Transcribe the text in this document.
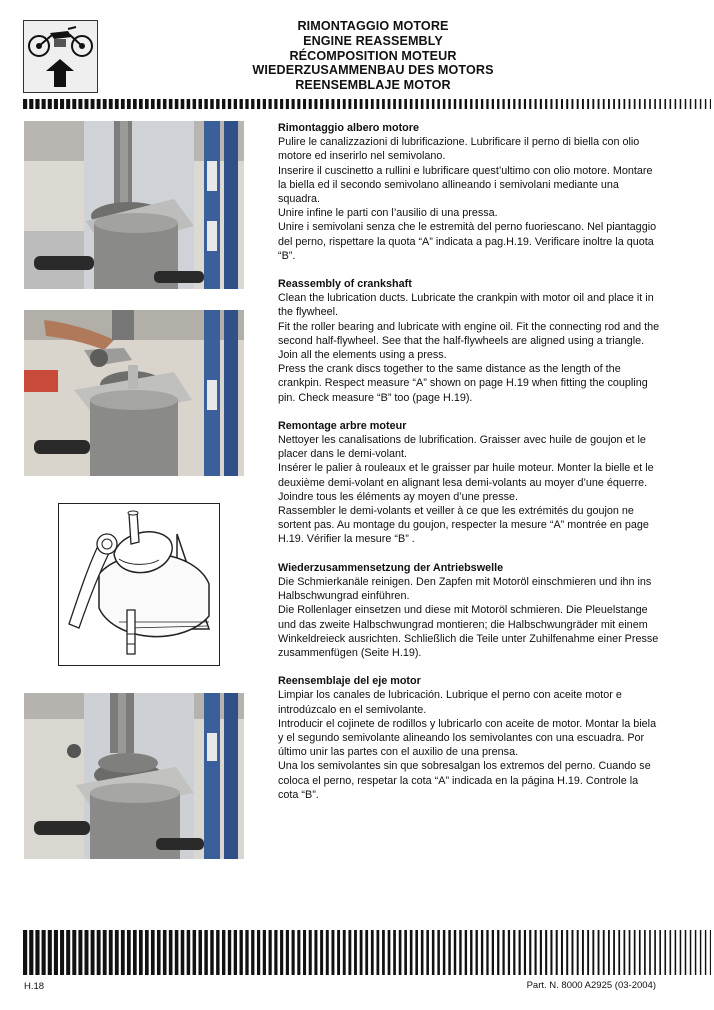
RIMONTAGGIO MOTORE
ENGINE REASSEMBLY
RÉCOMPOSITION MOTEUR
WIEDERZUSAMMENBAU DES MOTORS
REENSEMBLAJE MOTOR

Rimontaggio albero motore

Pulire le canalizzazioni di lubrificazione. Lubrificare il perno di biella con olio motore ed inserirlo nel semivolano.

Inserire il cuscinetto a rullini e lubrificare quest’ultimo con olio motore. Montare la biella ed il secondo semivolano allineando i semivolani mediante una squadra.

Unire infine le parti con l’ausilio di una pressa.

Unire i semivolani senza che le estremità del perno fuoriescano. Nel piantaggio del perno, rispettare la quota “A” indicata a pag.H.19. Verificare inoltre la quota “B”.

Reassembly of crankshaft

Clean the lubrication ducts. Lubricate the crankpin with motor oil and place it in the flywheel.

Fit the roller bearing and lubricate with engine oil. Fit the connecting rod and the second half-flywheel. See that the half-flywheels are aligned using a triangle.

Join all the elements using a press.

Press the crank discs together to the same distance as the length of the crankpin. Respect measure “A” shown on page H.19 when fitting the coupling pin. Check measure “B” too (page H.19).

Remontage arbre moteur

Nettoyer les canalisations de lubrification. Graisser avec huile de goujon et le placer dans le demi-volant.

Insérer le palier à rouleaux et le graisser par huile moteur. Monter la bielle et le deuxième demi-volant en alignant lesa demi-volants au moyer d’une équerre. Joindre tous les éléments ay moyen d’une presse.

Rassembler le demi-volants et veiller à ce que les extrémités du goujon ne sortent pas. Au montage du goujon, respecter la mesure “A” montrée en page H.19. Vérifier la mesure “B” .

Wiederzusammensetzung der Antriebswelle

Die Schmierkanäle reinigen. Den Zapfen mit Motoröl einschmieren und ihn ins Halbschwungrad einführen.

Die Rollenlager einsetzen und diese mit Motoröl schmieren. Die Pleuelstange und das zweite Halbschwungrad montieren; die Halbschwungräder mit einem Winkeldreieck ausrichten. Schließlich die Teile unter Zuhilfenahme einer Presse zusammenfügen (Seite H.19).

Reensemblaje del eje motor

Limpiar los canales de lubricación. Lubrique el perno con aceite motor e introdúzcalo en el semivolante.

Introducir el cojinete de rodillos y lubricarlo con aceite de motor. Montar la biela y el segundo semivolante alineando los semivolantes con una escuadra. Por último unir las partes con el auxilio de una prensa.

Una los semivolantes sin que sobresalgan los extremos del perno. Cuando se coloca el perno, respetar la cota “A” indicada en la página H.19. Controle la cota “B”.

H.18	Part. N. 8000 A2925 (03-2004)
